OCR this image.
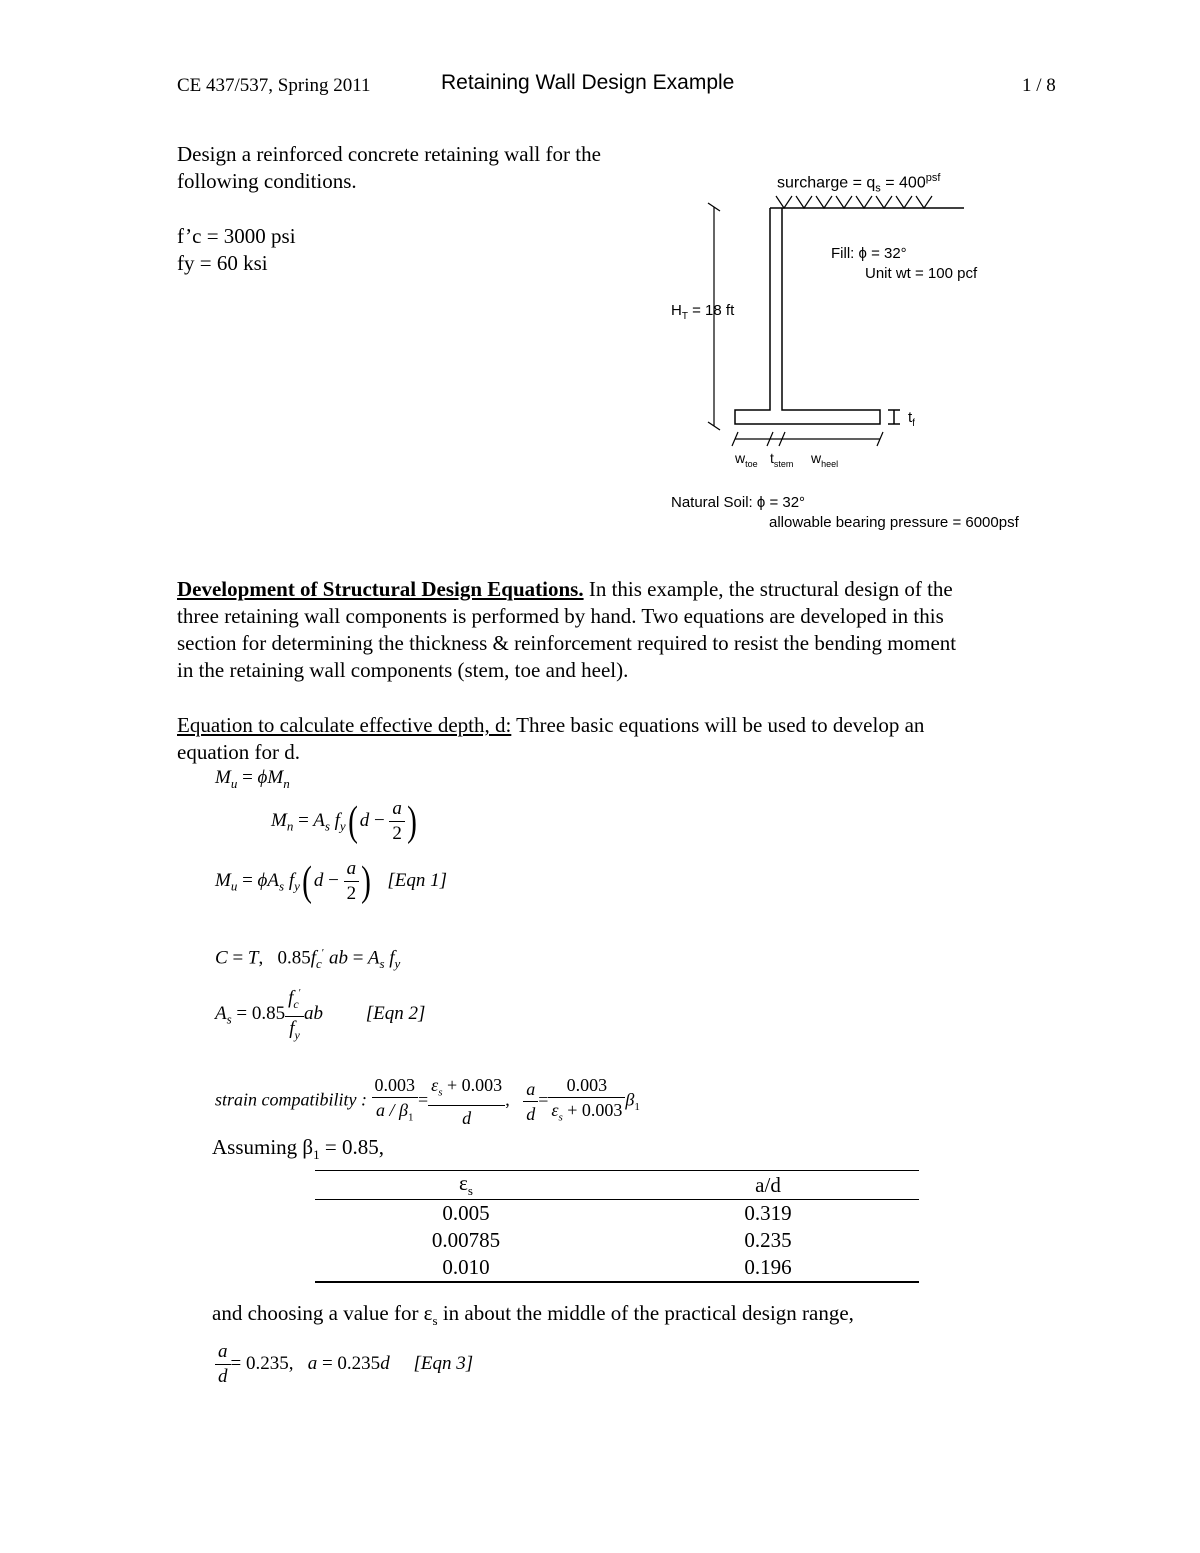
CE 437/537, Spring 2011	Retaining Wall Design Example	1 / 8
Design a reinforced concrete retaining wall for the
following conditions.
f’c = 3000 psi
fy = 60 ksi
surcharge = $q_s = 400^{psf}$
Fill: ϕ = 32°
Unit wt = 100 pcf
$H_T = 18$ ft
$t_f$
$w_{toe}$ $t_{stem}$ $w_{heel}$
Natural Soil: ϕ = 32°
allowable bearing pressure = 6000psf
Development of Structural Design Equations. In this example, the structural design of the
three retaining wall components is performed by hand. Two equations are developed in this
section for determining the thickness & reinforcement required to resist the bending moment
in the retaining wall components (stem, toe and heel).
Equation to calculate effective depth, d: Three basic equations will be used to develop an
equation for d.
$M_u = \phi M_n$
$M_n = A_s$ $f_y$( $d - \frac{a}{2}$ )
$M_u = \phi A_s$ $f_y$( $d - \frac{a}{2}$ ) [Eqn 1]
C = T, $0.85f_c'$ ab = $A_s$ $f_y$
$A_s = 0.85 \frac{f_c'}{f_y}$ ab         [Eqn 2]
strain compatibility : $\frac{0.003}{a / \beta_1} = \frac{\varepsilon_s + 0.003}{d}$ , $\frac{a}{d} = \frac{0.003}{\varepsilon_s + 0.003} \beta_1$
Assuming $\beta_1 = 0.85$,
$\varepsilon_s$	a/d
0.005	0.319
0.00785	0.235
0.010	0.196
and choosing a value for $\varepsilon_s$ in about the middle of the practical design range,
$\frac{a}{d} = 0.235$,   a = 0.235d     [Eqn 3]
